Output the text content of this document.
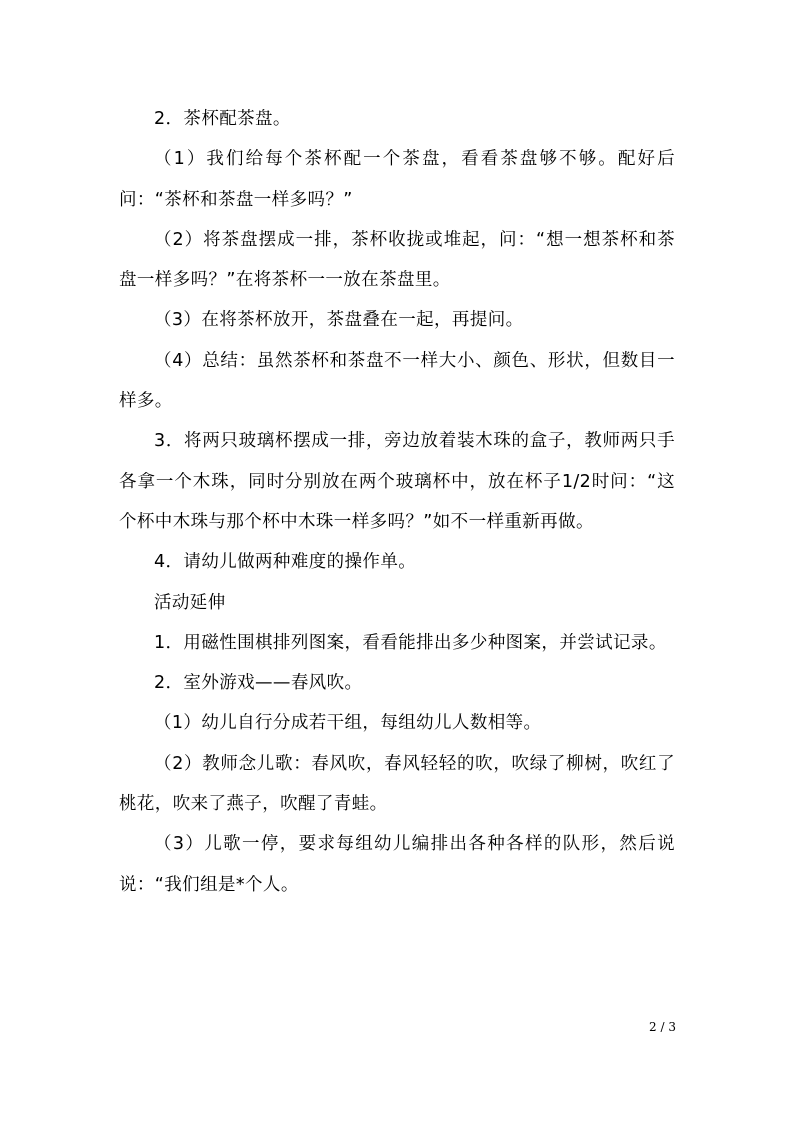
2．茶杯配茶盘。

（1）我们给每个茶杯配一个茶盘，看看茶盘够不够。配好后问：“茶杯和茶盘一样多吗？”

（2）将茶盘摆成一排，茶杯收拢或堆起，问：“想一想茶杯和茶盘一样多吗？”在将茶杯一一放在茶盘里。

（3）在将茶杯放开，茶盘叠在一起，再提问。

（4）总结：虽然茶杯和茶盘不一样大小、颜色、形状，但数目一样多。

3．将两只玻璃杯摆成一排，旁边放着装木珠的盒子，教师两只手各拿一个木珠，同时分别放在两个玻璃杯中，放在杯子1/2时问：“这个杯中木珠与那个杯中木珠一样多吗？”如不一样重新再做。

4．请幼儿做两种难度的操作单。

活动延伸

1．用磁性围棋排列图案，看看能排出多少种图案，并尝试记录。

2．室外游戏——春风吹。

（1）幼儿自行分成若干组，每组幼儿人数相等。

（2）教师念儿歌：春风吹，春风轻轻的吹，吹绿了柳树，吹红了桃花，吹来了燕子，吹醒了青蛙。

（3）儿歌一停，要求每组幼儿编排出各种各样的队形，然后说说：“我们组是*个人。

2 / 3
